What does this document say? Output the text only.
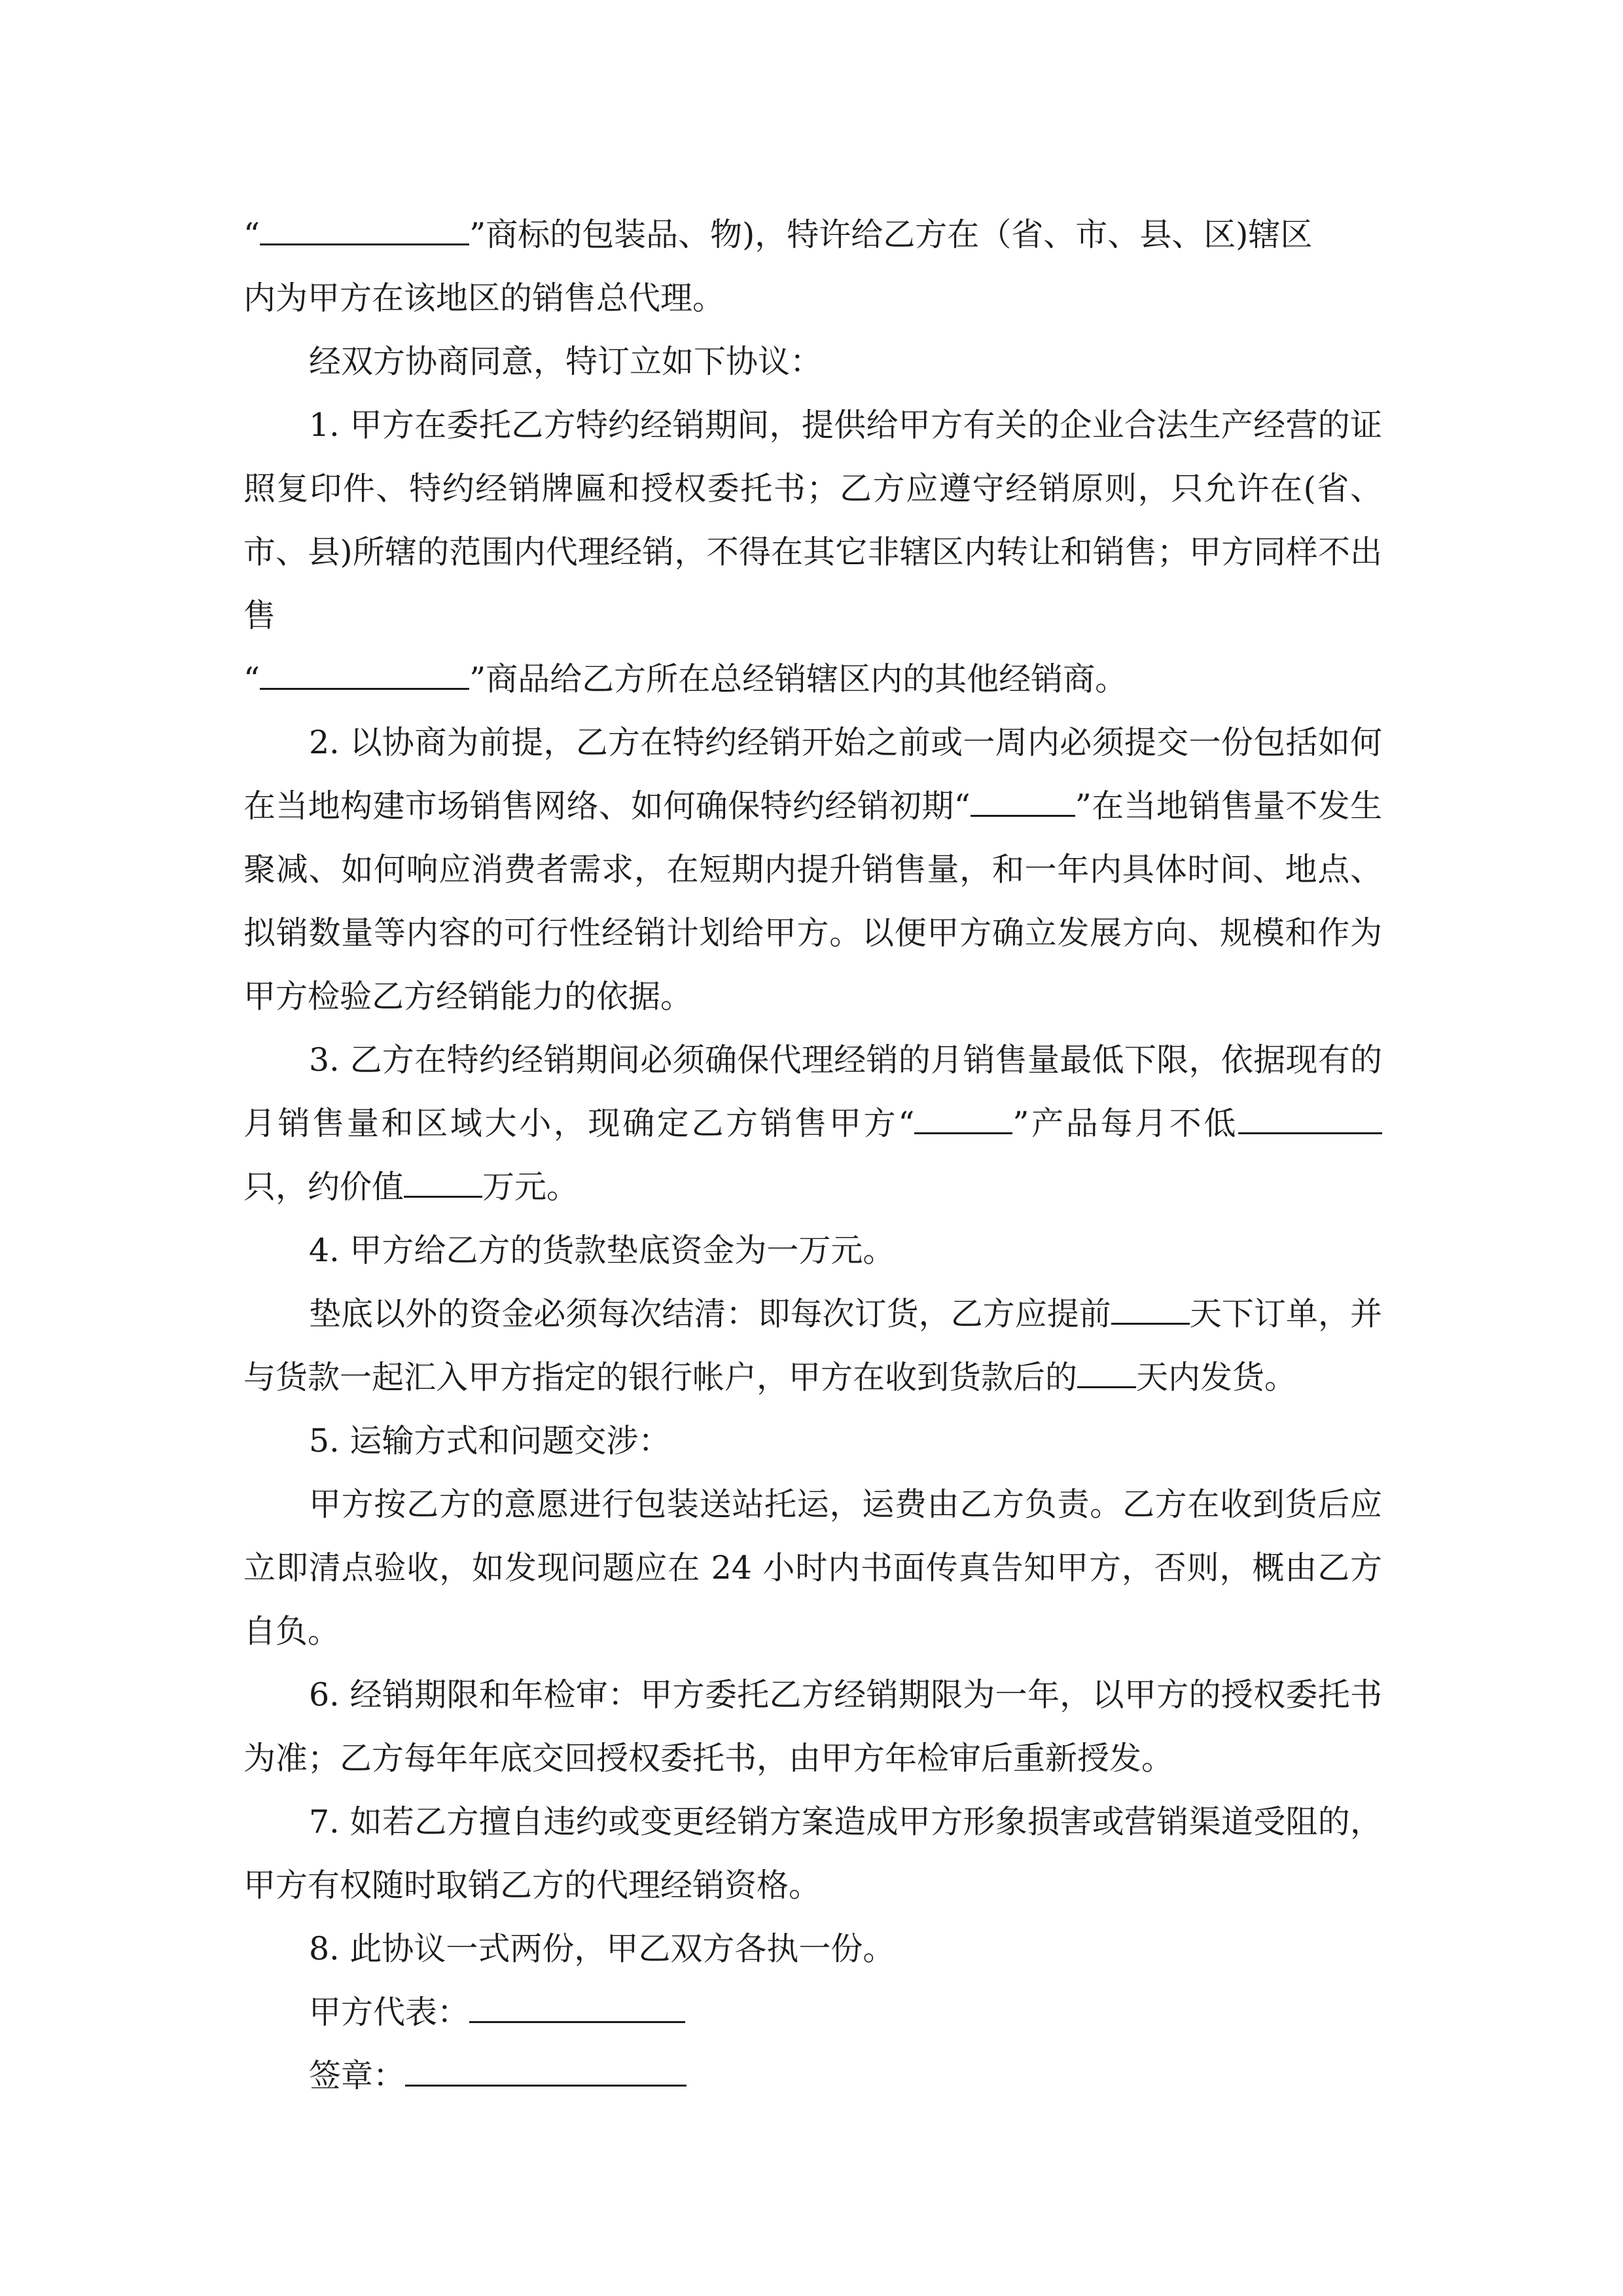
“	”商标的包装品、物)，特许给乙方在（省、市、县、区)辖区
内为甲方在该地区的销售总代理。

经双方协商同意，特订立如下协议：

1. 甲方在委托乙方特约经销期间，提供给甲方有关的企业合法生产经营的证照复印件、特约经销牌匾和授权委托书；乙方应遵守经销原则，只允许在(省、市、县)所辖的范围内代理经销，不得在其它非辖区内转让和销售；甲方同样不出售

“	”商品给乙方所在总经销辖区内的其他经销商。

2. 以协商为前提，乙方在特约经销开始之前或一周内必须提交一份包括如何在当地构建市场销售网络、如何确保特约经销初期“	”在当地销售量不发生聚减、如何响应消费者需求，在短期内提升销售量，和一年内具体时间、地点、拟销数量等内容的可行性经销计划给甲方。以便甲方确立发展方向、规模和作为甲方检验乙方经销能力的依据。

3. 乙方在特约经销期间必须确保代理经销的月销售量最低下限，依据现有的月销售量和区域大小，现确定乙方销售甲方“	”产品每月不低只，约价值 万元。

4. 甲方给乙方的货款垫底资金为一万元。

垫底以外的资金必须每次结清：即每次订货，乙方应提前 天下订单，并与货款一起汇入甲方指定的银行帐户，甲方在收到货款后的 天内发货。

5. 运输方式和问题交涉：

甲方按乙方的意愿进行包装送站托运，运费由乙方负责。乙方在收到货后应立即清点验收，如发现问题应在 24 小时内书面传真告知甲方，否则，概由乙方自负。

6. 经销期限和年检审：甲方委托乙方经销期限为一年，以甲方的授权委托书为准；乙方每年年底交回授权委托书，由甲方年检审后重新授发。

7. 如若乙方擅自违约或变更经销方案造成甲方形象损害或营销渠道受阻的，甲方有权随时取销乙方的代理经销资格。

8. 此协议一式两份，甲乙双方各执一份。

甲方代表：

签章：
